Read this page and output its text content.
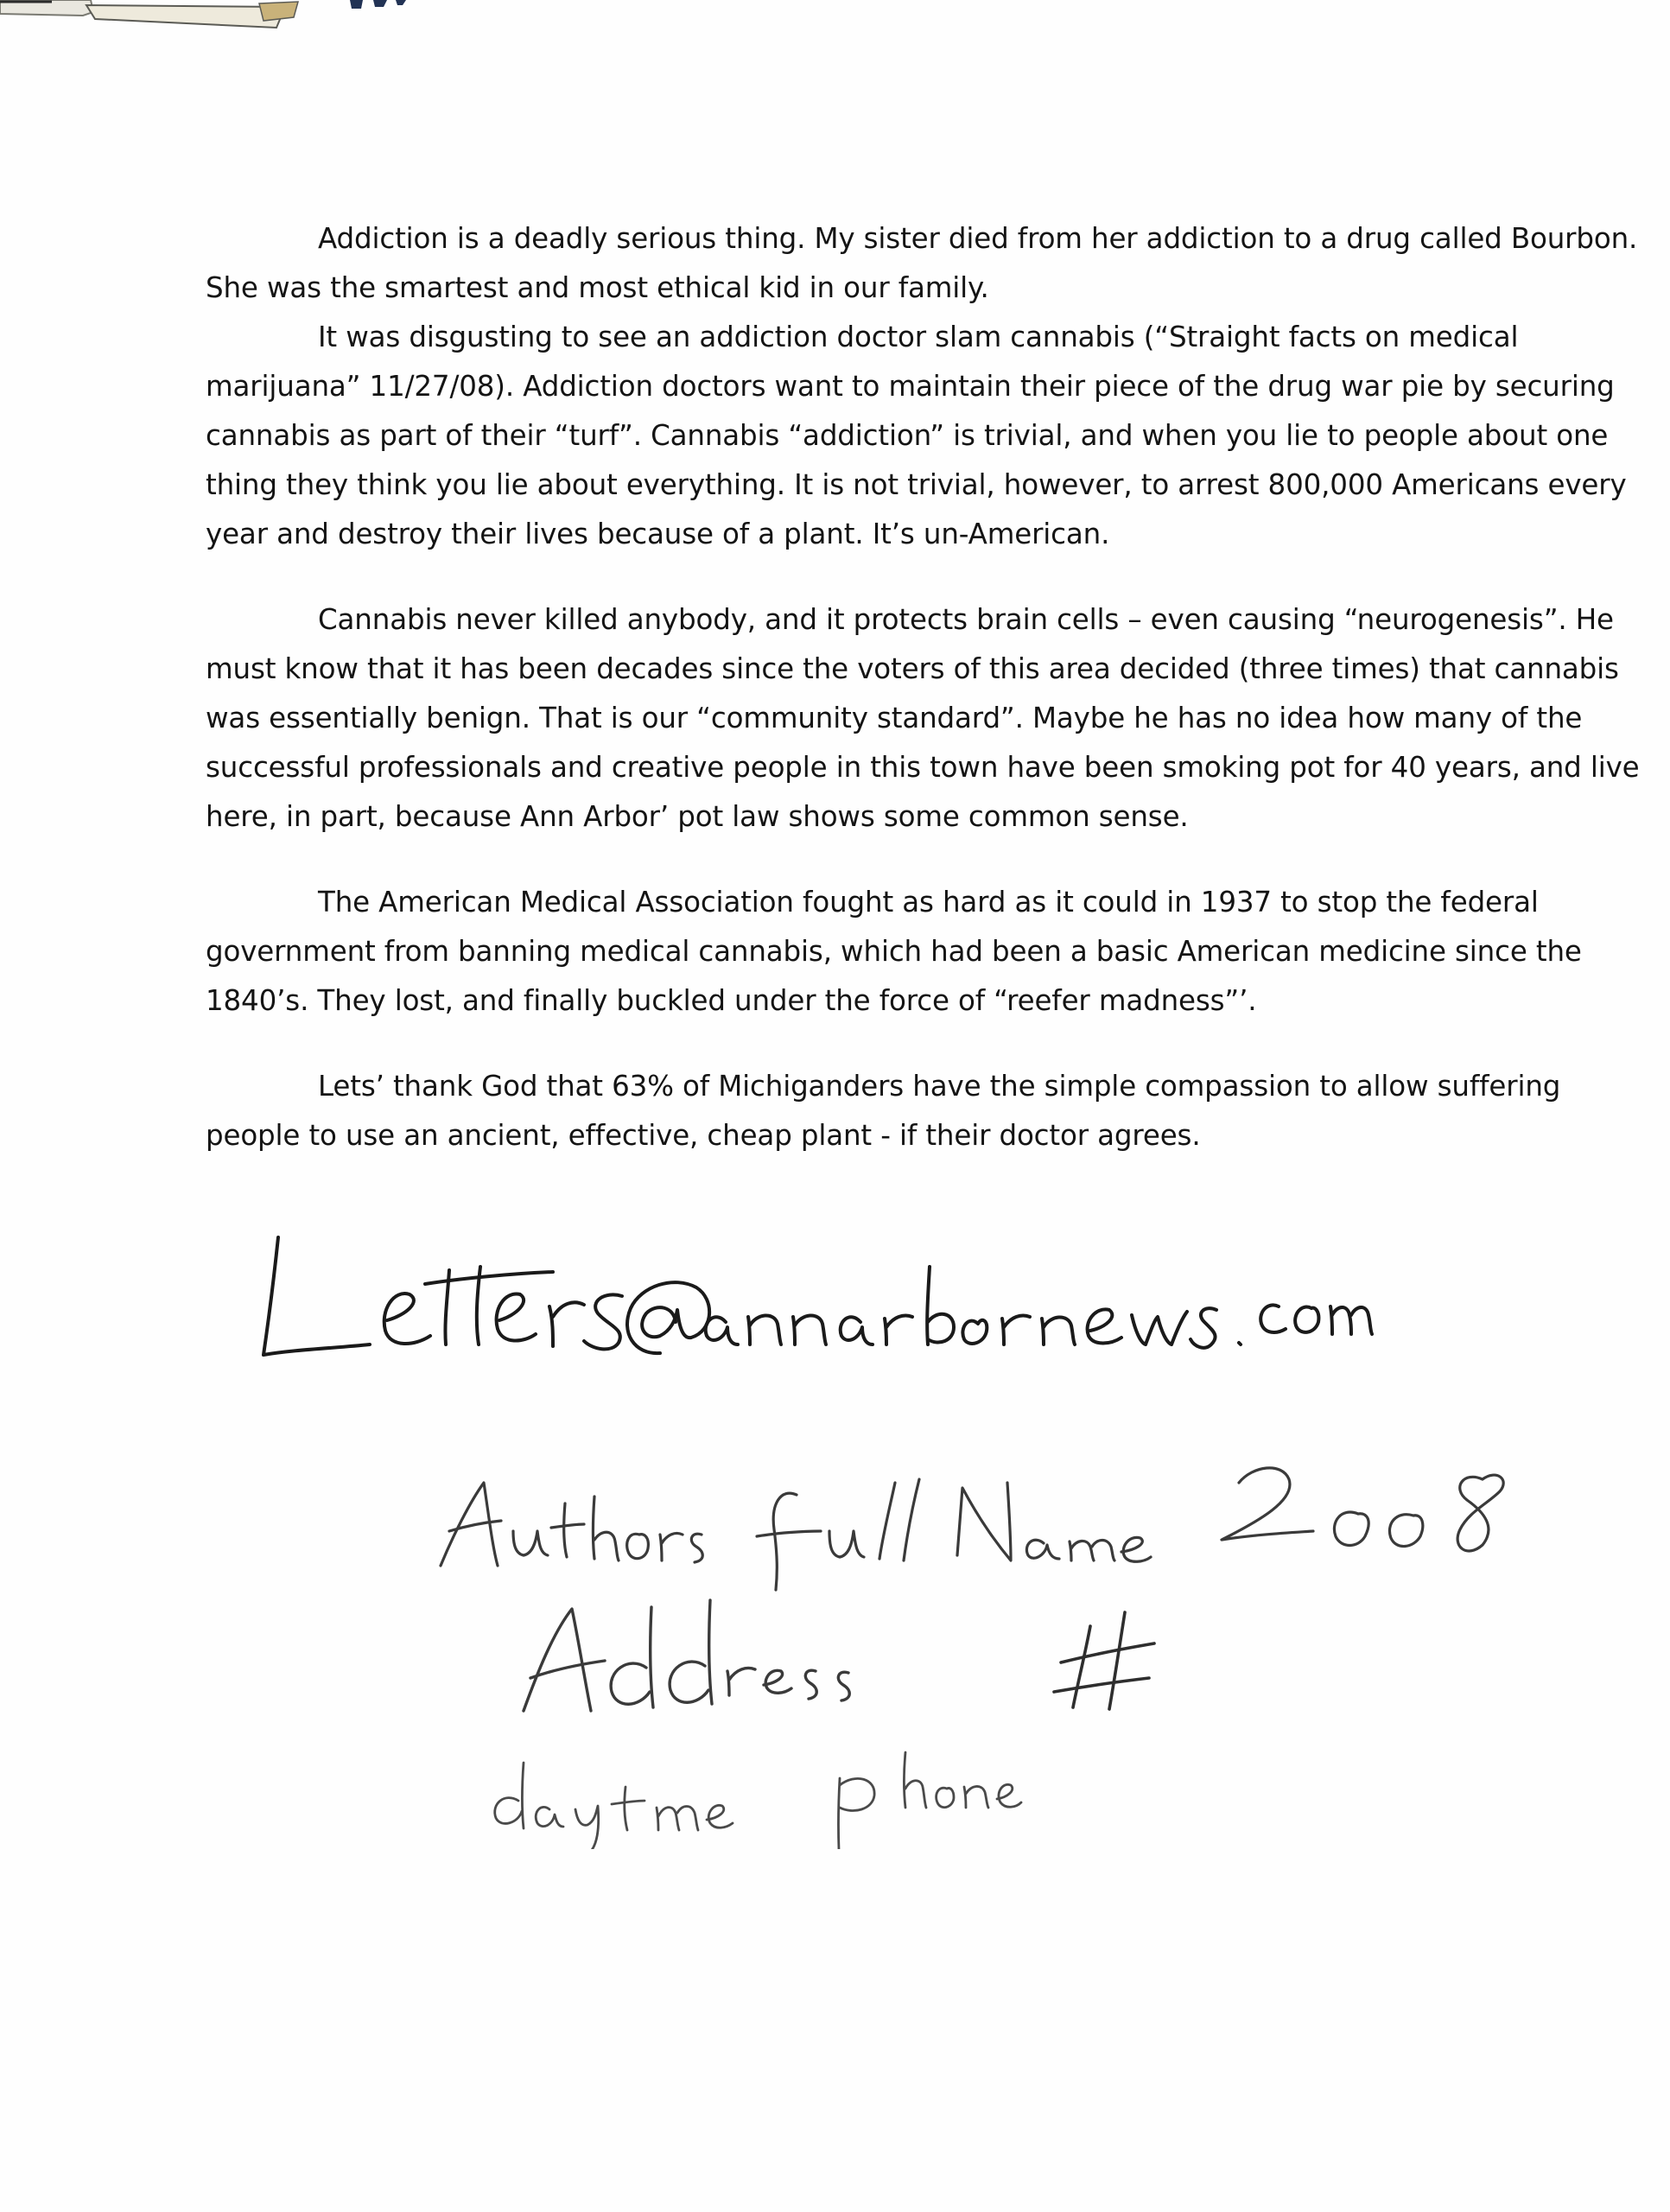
Addiction is a deadly serious thing. My sister died from her addiction to a drug called Bourbon. She was the smartest and most ethical kid in our family.

It was disgusting to see an addiction doctor slam cannabis (“Straight facts on medical marijuana” 11/27/08). Addiction doctors want to maintain their piece of the drug war pie by securing cannabis as part of their “turf”. Cannabis “addiction” is trivial, and when you lie to people about one thing they think you lie about everything. It is not trivial, however, to arrest 800,000 Americans every year and destroy their lives because of a plant. It’s un-American.

Cannabis never killed anybody, and it protects brain cells – even causing “neurogenesis”. He must know that it has been decades since the voters of this area decided (three times) that cannabis was essentially benign. That is our “community standard”. Maybe he has no idea how many of the successful professionals and creative people in this town have been smoking pot for 40 years, and live here, in part, because Ann Arbor’ pot law shows some common sense.

The American Medical Association fought as hard as it could in 1937 to stop the federal government from banning medical cannabis, which had been a basic American medicine since the 1840’s. They lost, and finally buckled under the force of “reefer madness”’.

Lets’ thank God that 63% of Michiganders have the simple compassion to allow suffering people to use an ancient, effective, cheap plant - if their doctor agrees.
